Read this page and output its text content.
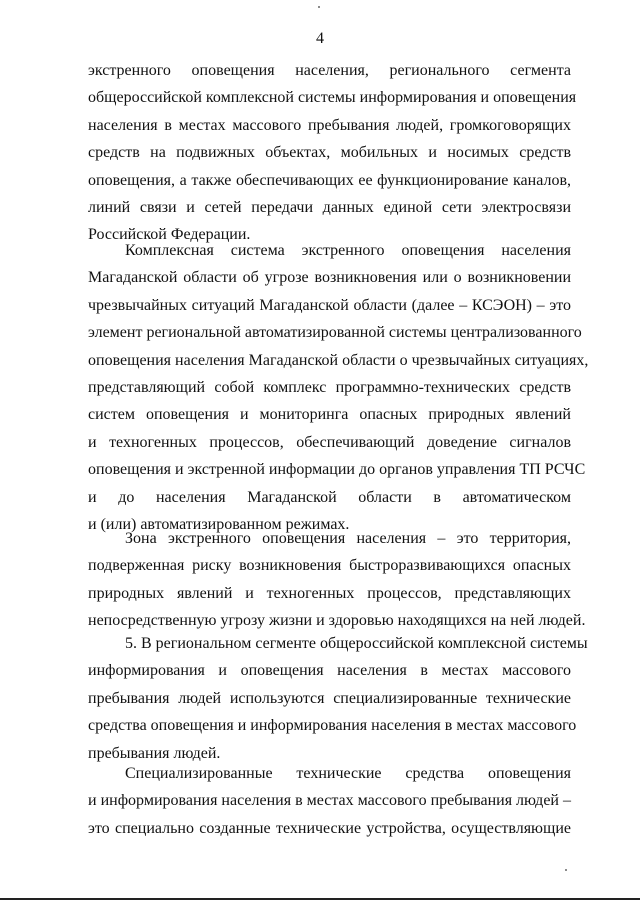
4
экстренного оповещения населения, регионального сегмента
общероссийской комплексной системы информирования и оповещения
населения в местах массового пребывания людей, громкоговорящих
средств на подвижных объектах, мобильных и носимых средств
оповещения, а также обеспечивающих ее функционирование каналов,
линий связи и сетей передачи данных единой сети электросвязи
Российской Федерации.
Комплексная система экстренного оповещения населения
Магаданской области об угрозе возникновения или о возникновении
чрезвычайных ситуаций Магаданской области (далее – КСЭОН) – это
элемент региональной автоматизированной системы централизованного
оповещения населения Магаданской области о чрезвычайных ситуациях,
представляющий собой комплекс программно-технических средств
систем оповещения и мониторинга опасных природных явлений
и техногенных процессов, обеспечивающий доведение сигналов
оповещения и экстренной информации до органов управления ТП РСЧС
и до населения Магаданской области в автоматическом
и (или) автоматизированном режимах.
Зона экстренного оповещения населения – это территория,
подверженная риску возникновения быстроразвивающихся опасных
природных явлений и техногенных процессов, представляющих
непосредственную угрозу жизни и здоровью находящихся на ней людей.
5. В региональном сегменте общероссийской комплексной системы
информирования и оповещения населения в местах массового
пребывания людей используются специализированные технические
средства оповещения и информирования населения в местах массового
пребывания людей.
Специализированные технические средства оповещения
и информирования населения в местах массового пребывания людей –
это специально созданные технические устройства, осуществляющие
